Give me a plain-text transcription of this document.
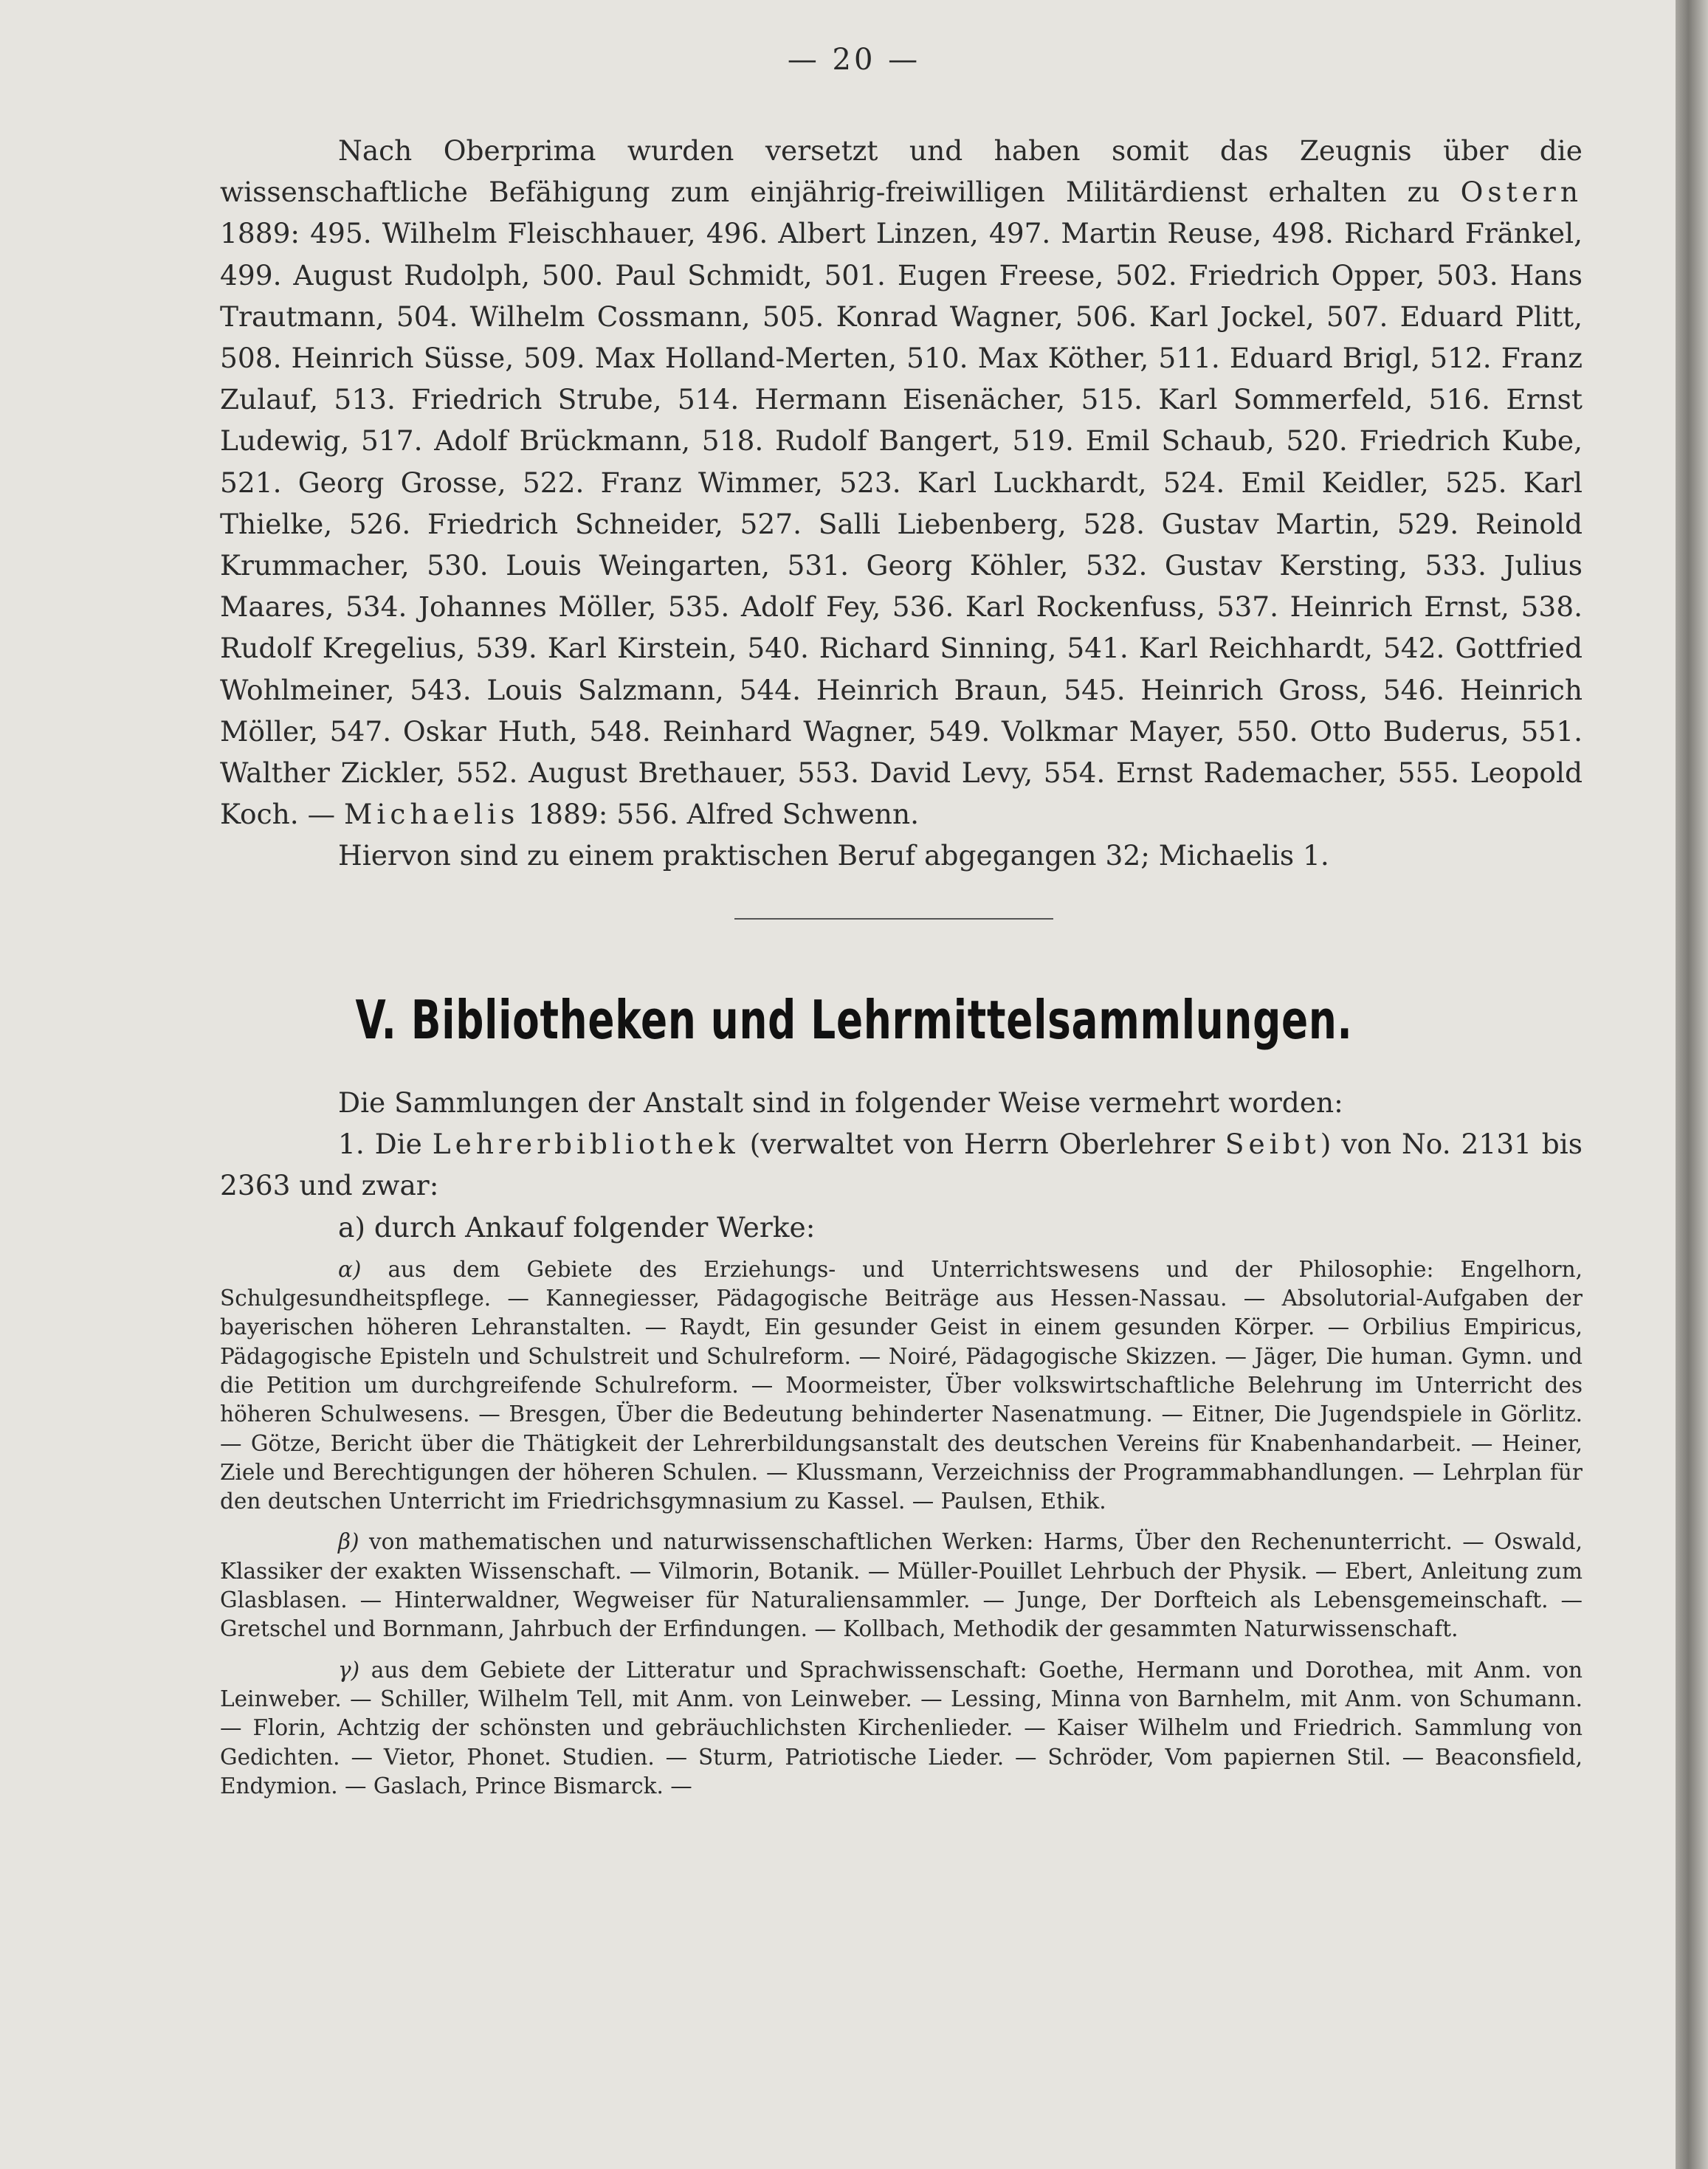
— 20 —

Nach Oberprima wurden versetzt und haben somit das Zeugnis über die wissenschaftliche Befähigung zum einjährig-freiwilligen Militärdienst erhalten zu Ostern 1889: 495. Wilhelm Fleischhauer, 496. Albert Linzen, 497. Martin Reuse, 498. Richard Fränkel, 499. August Rudolph, 500. Paul Schmidt, 501. Eugen Freese, 502. Friedrich Opper, 503. Hans Trautmann, 504. Wilhelm Cossmann, 505. Konrad Wagner, 506. Karl Jockel, 507. Eduard Plitt, 508. Heinrich Süsse, 509. Max Holland-Merten, 510. Max Köther, 511. Eduard Brigl, 512. Franz Zulauf, 513. Friedrich Strube, 514. Hermann Eisenächer, 515. Karl Sommerfeld, 516. Ernst Ludewig, 517. Adolf Brückmann, 518. Rudolf Bangert, 519. Emil Schaub, 520. Friedrich Kube, 521. Georg Grosse, 522. Franz Wimmer, 523. Karl Luckhardt, 524. Emil Keidler, 525. Karl Thielke, 526. Friedrich Schneider, 527. Salli Liebenberg, 528. Gustav Martin, 529. Reinold Krummacher, 530. Louis Weingarten, 531. Georg Köhler, 532. Gustav Kersting, 533. Julius Maares, 534. Johannes Möller, 535. Adolf Fey, 536. Karl Rockenfuss, 537. Heinrich Ernst, 538. Rudolf Kregelius, 539. Karl Kirstein, 540. Richard Sinning, 541. Karl Reichhardt, 542. Gottfried Wohlmeiner, 543. Louis Salzmann, 544. Heinrich Braun, 545. Heinrich Gross, 546. Heinrich Möller, 547. Oskar Huth, 548. Reinhard Wagner, 549. Volkmar Mayer, 550. Otto Buderus, 551. Walther Zickler, 552. August Brethauer, 553. David Levy, 554. Ernst Rademacher, 555. Leopold Koch. — Michaelis 1889: 556. Alfred Schwenn.

Hiervon sind zu einem praktischen Beruf abgegangen 32; Michaelis 1.

V. Bibliotheken und Lehrmittelsammlungen.

Die Sammlungen der Anstalt sind in folgender Weise vermehrt worden:

1. Die Lehrerbibliothek (verwaltet von Herrn Oberlehrer Seibt) von No. 2131 bis 2363 und zwar:

a) durch Ankauf folgender Werke:

α) aus dem Gebiete des Erziehungs- und Unterrichtswesens und der Philosophie: Engelhorn, Schulgesundheitspflege. — Kannegiesser, Pädagogische Beiträge aus Hessen-Nassau. — Absolutorial-Aufgaben der bayerischen höheren Lehranstalten. — Raydt, Ein gesunder Geist in einem gesunden Körper. — Orbilius Empiricus, Pädagogische Episteln und Schulstreit und Schulreform. — Noiré, Pädagogische Skizzen. — Jäger, Die human. Gymn. und die Petition um durchgreifende Schulreform. — Moormeister, Über volkswirtschaftliche Belehrung im Unterricht des höheren Schulwesens. — Bresgen, Über die Bedeutung behinderter Nasenatmung. — Eitner, Die Jugendspiele in Görlitz. — Götze, Bericht über die Thätigkeit der Lehrerbildungsanstalt des deutschen Vereins für Knabenhandarbeit. — Heiner, Ziele und Berechtigungen der höheren Schulen. — Klussmann, Verzeichniss der Programmabhandlungen. — Lehrplan für den deutschen Unterricht im Friedrichsgymnasium zu Kassel. — Paulsen, Ethik.

β) von mathematischen und naturwissenschaftlichen Werken: Harms, Über den Rechenunterricht. — Oswald, Klassiker der exakten Wissenschaft. — Vilmorin, Botanik. — Müller-Pouillet Lehrbuch der Physik. — Ebert, Anleitung zum Glasblasen. — Hinterwaldner, Wegweiser für Naturaliensammler. — Junge, Der Dorfteich als Lebensgemeinschaft. — Gretschel und Bornmann, Jahrbuch der Erfindungen. — Kollbach, Methodik der gesammten Naturwissenschaft.

γ) aus dem Gebiete der Litteratur und Sprachwissenschaft: Goethe, Hermann und Dorothea, mit Anm. von Leinweber. — Schiller, Wilhelm Tell, mit Anm. von Leinweber. — Lessing, Minna von Barnhelm, mit Anm. von Schumann. — Florin, Achtzig der schönsten und gebräuchlichsten Kirchenlieder. — Kaiser Wilhelm und Friedrich. Sammlung von Gedichten. — Vietor, Phonet. Studien. — Sturm, Patriotische Lieder. — Schröder, Vom papiernen Stil. — Beaconsfield, Endymion. — Gaslach, Prince Bismarck. —
